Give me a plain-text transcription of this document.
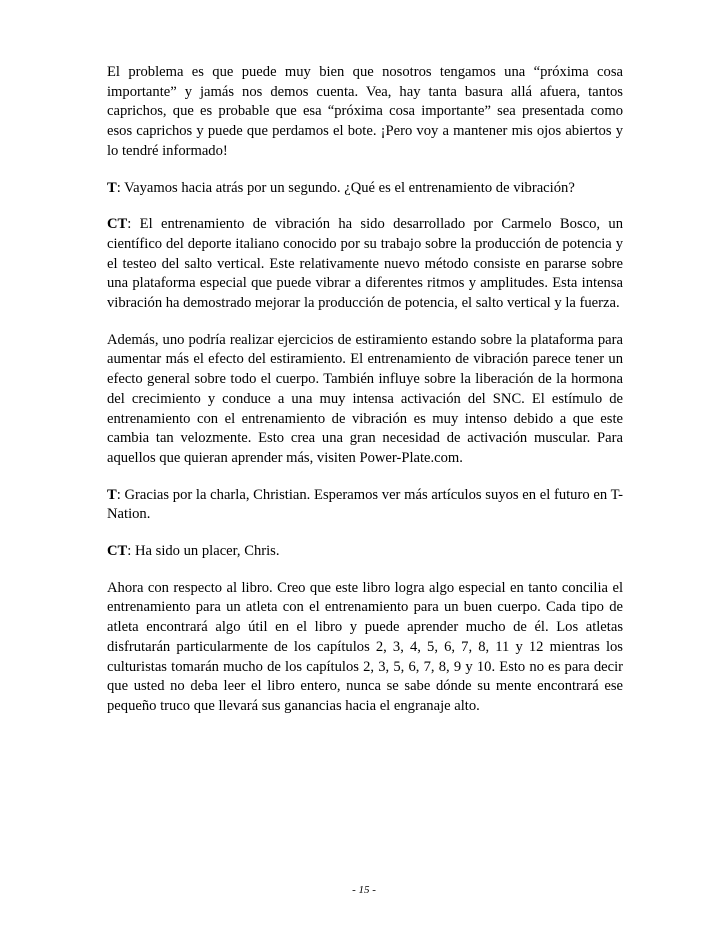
El problema es que puede muy bien que nosotros tengamos una “próxima cosa importante” y jamás nos demos cuenta. Vea, hay tanta basura allá afuera, tantos caprichos, que es probable que esa “próxima cosa importante” sea presentada como esos caprichos y puede que perdamos el bote. ¡Pero voy a mantener mis ojos abiertos y lo tendré informado!

T: Vayamos hacia atrás por un segundo. ¿Qué es el entrenamiento de vibración?

CT: El entrenamiento de vibración ha sido desarrollado por Carmelo Bosco, un científico del deporte italiano conocido por su trabajo sobre la producción de potencia y el testeo del salto vertical. Este relativamente nuevo método consiste en pararse sobre una plataforma especial que puede vibrar a diferentes ritmos y amplitudes. Esta intensa vibración ha demostrado mejorar la producción de potencia, el salto vertical y la fuerza.

Además, uno podría realizar ejercicios de estiramiento estando sobre la plataforma para aumentar más el efecto del estiramiento. El entrenamiento de vibración parece tener un efecto general sobre todo el cuerpo. También influye sobre la liberación de la hormona del crecimiento y conduce a una muy intensa activación del SNC. El estímulo de entrenamiento con el entrenamiento de vibración es muy intenso debido a que este cambia tan velozmente. Esto crea una gran necesidad de activación muscular. Para aquellos que quieran aprender más, visiten Power-Plate.com.

T: Gracias por la charla, Christian. Esperamos ver más artículos suyos en el futuro en T-Nation.

CT: Ha sido un placer, Chris.

Ahora con respecto al libro. Creo que este libro logra algo especial en tanto concilia el entrenamiento para un atleta con el entrenamiento para un buen cuerpo. Cada tipo de atleta encontrará algo útil en el libro y puede aprender mucho de él. Los atletas disfrutarán particularmente de los capítulos 2, 3, 4, 5, 6, 7, 8, 11 y 12 mientras los culturistas tomarán mucho de los capítulos 2, 3, 5, 6, 7, 8, 9 y 10. Esto no es para decir que usted no deba leer el libro entero, nunca se sabe dónde su mente encontrará ese pequeño truco que llevará sus ganancias hacia el engranaje alto.

- 15 -
